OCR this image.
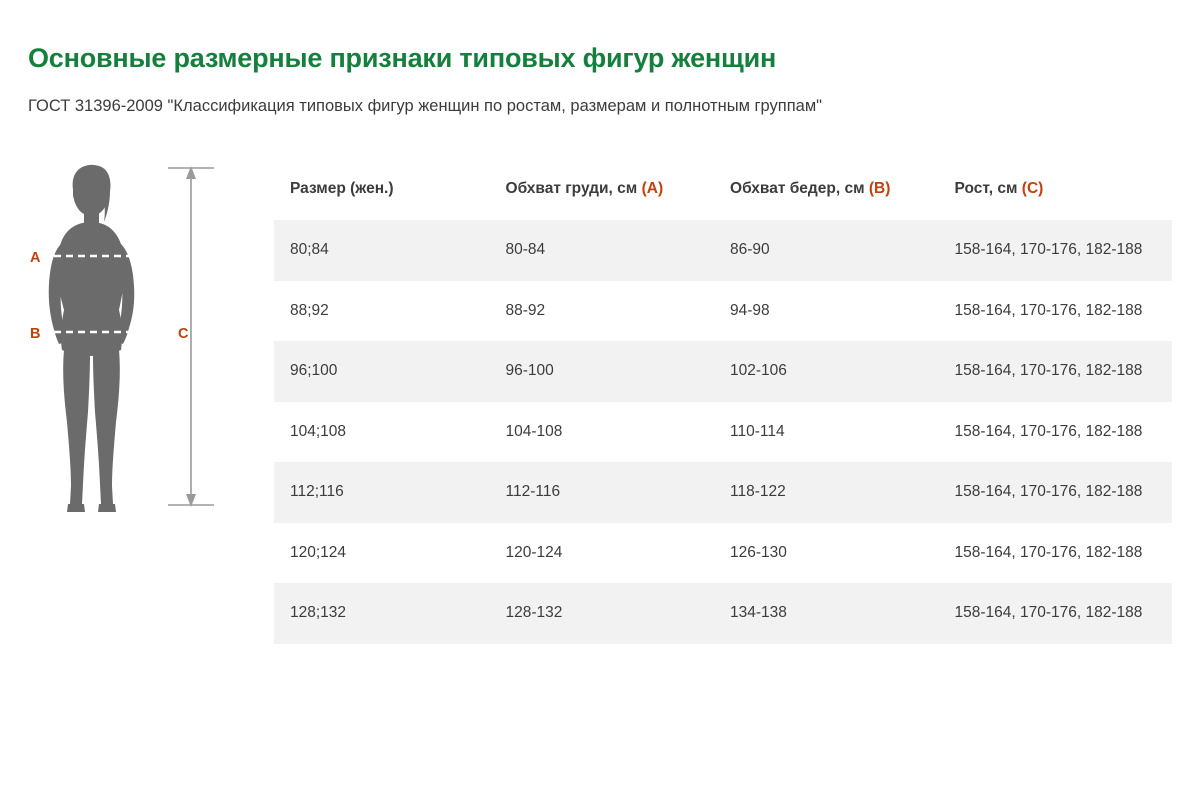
Основные размерные признаки типовых фигур женщин

ГОСТ 31396-2009 "Классификация типовых фигур женщин по ростам, размерам и полнотным группам"

A
B	C
Размер (жен.)	Обхват груди, см (A)	Обхват бедер, см (B)	Рост, см (C)
80;84	80-84	86-90	158-164, 170-176, 182-188
88;92	88-92	94-98	158-164, 170-176, 182-188
96;100	96-100	102-106	158-164, 170-176, 182-188
104;108	104-108	110-114	158-164, 170-176, 182-188
112;116	112-116	118-122	158-164, 170-176, 182-188
120;124	120-124	126-130	158-164, 170-176, 182-188
128;132	128-132	134-138	158-164, 170-176, 182-188
